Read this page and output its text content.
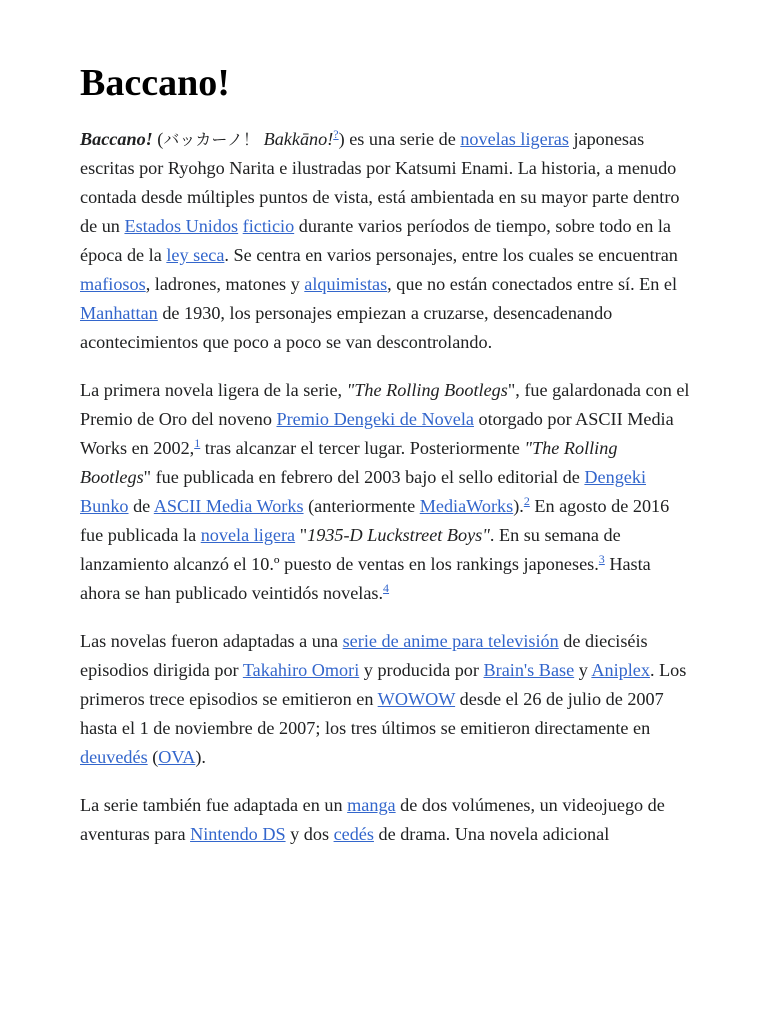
Baccano!

Baccano! (バッカーノ！ Bakkāno!?) es una serie de novelas ligeras japonesas escritas por Ryohgo Narita e ilustradas por Katsumi Enami. La historia, a menudo contada desde múltiples puntos de vista, está ambientada en su mayor parte dentro de un Estados Unidos ficticio durante varios períodos de tiempo, sobre todo en la época de la ley seca. Se centra en varios personajes, entre los cuales se encuentran mafiosos, ladrones, matones y alquimistas, que no están conectados entre sí. En el Manhattan de 1930, los personajes empiezan a cruzarse, desencadenando acontecimientos que poco a poco se van descontrolando.

La primera novela ligera de la serie, "The Rolling Bootlegs", fue galardonada con el Premio de Oro del noveno Premio Dengeki de Novela otorgado por ASCII Media Works en 2002,$^1$ tras alcanzar el tercer lugar. Posteriormente "The Rolling Bootlegs" fue publicada en febrero del 2003 bajo el sello editorial de Dengeki Bunko de ASCII Media Works (anteriormente MediaWorks).$^2$ En agosto de 2016 fue publicada la novela ligera "1935-D Luckstreet Boys". En su semana de lanzamiento alcanzó el 10.º puesto de ventas en los rankings japoneses.$^3$ Hasta ahora se han publicado veintidós novelas.$^4$

Las novelas fueron adaptadas a una serie de anime para televisión de dieciséis episodios dirigida por Takahiro Omori y producida por Brain's Base y Aniplex. Los primeros trece episodios se emitieron en WOWOW desde el 26 de julio de 2007 hasta el 1 de noviembre de 2007; los tres últimos se emitieron directamente en deuvedés (OVA).

La serie también fue adaptada en un manga de dos volúmenes, un videojuego de aventuras para Nintendo DS y dos cedés de drama. Una novela adicional
